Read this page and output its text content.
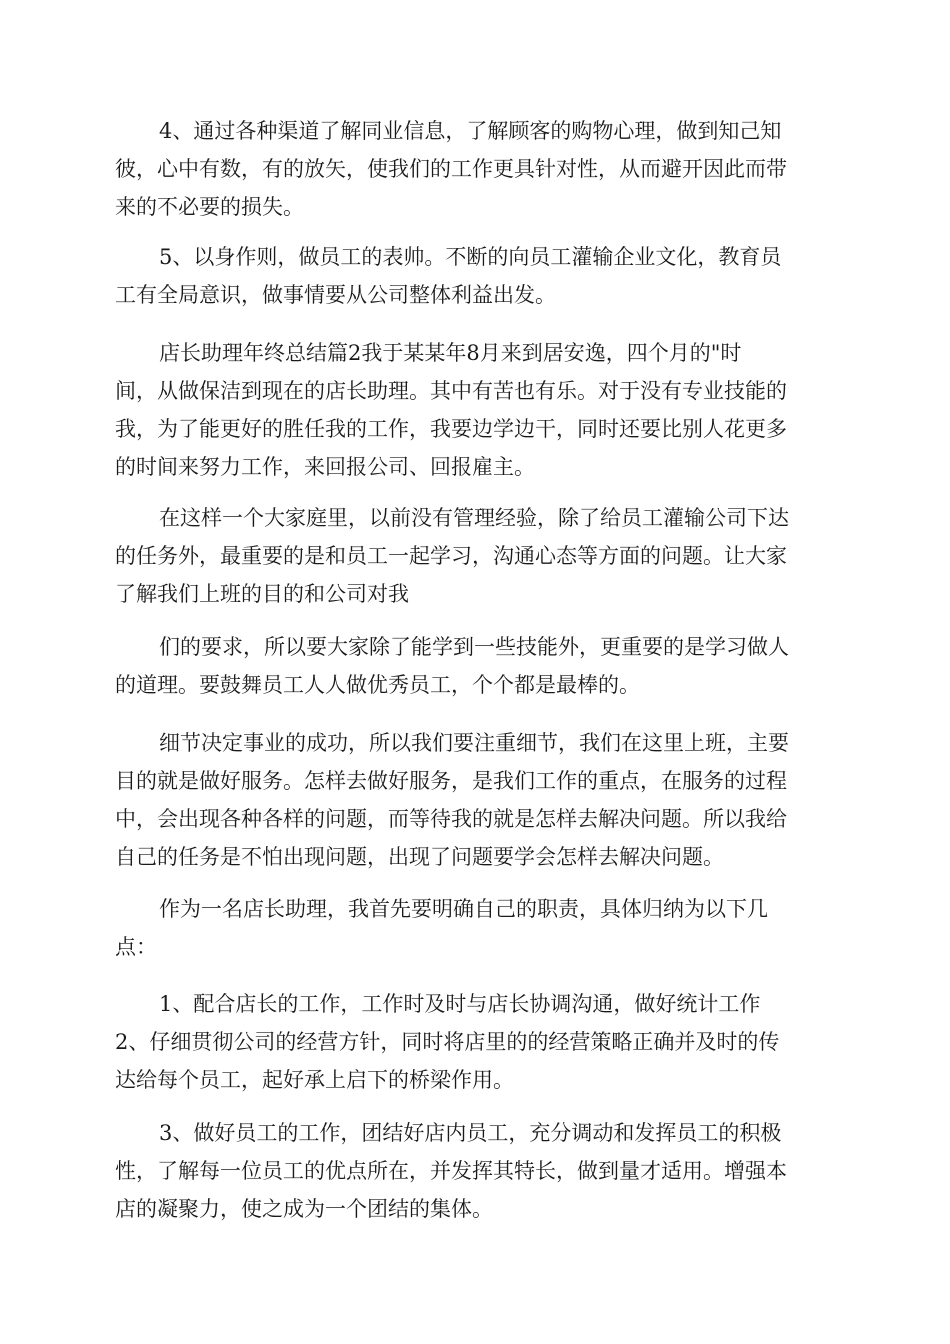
4、通过各种渠道了解同业信息，了解顾客的购物心理，做到知己知
彼，心中有数，有的放矢，使我们的工作更具针对性，从而避开因此而带
来的不必要的损失。
5、以身作则，做员工的表帅。不断的向员工灌输企业文化，教育员
工有全局意识，做事情要从公司整体利益出发。
店长助理年终总结篇2我于某某年8月来到居安逸，四个月的"时
间，从做保洁到现在的店长助理。其中有苦也有乐。对于没有专业技能的
我，为了能更好的胜任我的工作，我要边学边干，同时还要比别人花更多
的时间来努力工作，来回报公司、回报雇主。
在这样一个大家庭里，以前没有管理经验，除了给员工灌输公司下达
的任务外，最重要的是和员工一起学习，沟通心态等方面的问题。让大家
了解我们上班的目的和公司对我
们的要求，所以要大家除了能学到一些技能外，更重要的是学习做人
的道理。要鼓舞员工人人做优秀员工，个个都是最棒的。
细节决定事业的成功，所以我们要注重细节，我们在这里上班，主要
目的就是做好服务。怎样去做好服务，是我们工作的重点，在服务的过程
中，会出现各种各样的问题，而等待我的就是怎样去解决问题。所以我给
自己的任务是不怕出现问题，出现了问题要学会怎样去解决问题。
作为一名店长助理，我首先要明确自己的职责，具体归纳为以下几
点：
1、配合店长的工作，工作时及时与店长协调沟通，做好统计工作
2、仔细贯彻公司的经营方针，同时将店里的的经营策略正确并及时的传
达给每个员工，起好承上启下的桥梁作用。
3、做好员工的工作，团结好店内员工，充分调动和发挥员工的积极
性，了解每一位员工的优点所在，并发挥其特长，做到量才适用。增强本
店的凝聚力，使之成为一个团结的集体。
